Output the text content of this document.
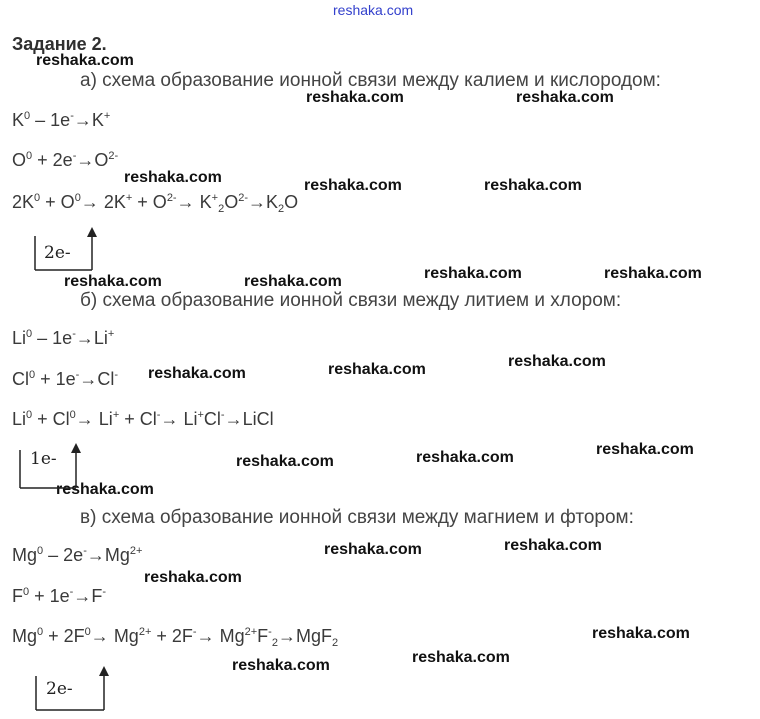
reshaka.com
Задание 2.
reshaka.com
reshaka.com	reshaka.com
reshaka.com	reshaka.com	reshaka.com
reshaka.com	reshaka.com	reshaka.com	reshaka.com
reshaka.com	reshaka.com	reshaka.com
reshaka.com	reshaka.com	reshaka.com
reshaka.com
reshaka.com	reshaka.com
reshaka.com
reshaka.com
reshaka.com	reshaka.com
а) схема образование ионной связи между калием и кислородом:
$K^0 - 1e^-\to K^+$
$O^0 + 2e^-\to O^{2-}$
$2K^0 + O^0\to 2K^+ + O^{2-}\to K^+_2O^{2-}\to K_2O$
2e-
б) схема образование ионной связи между литием и хлором:
Li$^0$ – 1e-→Li+
$Cl^0 + 1e^-\to Cl^-$
$Li^0 + Cl^0\to Li^+ + Cl^-\to$ Li+Cl-→LiCl
1e-
в) схема образование ионной связи между магнием и фтором:
$Mg^0 - 2e^-\to Mg^{2+}$
$F^0 + 1e^-\to F^-$
$Mg^0 + 2F^0\to Mg^{2+} + 2F^-\to Mg^{2+}F^-_2\to MgF_2$
2e-
